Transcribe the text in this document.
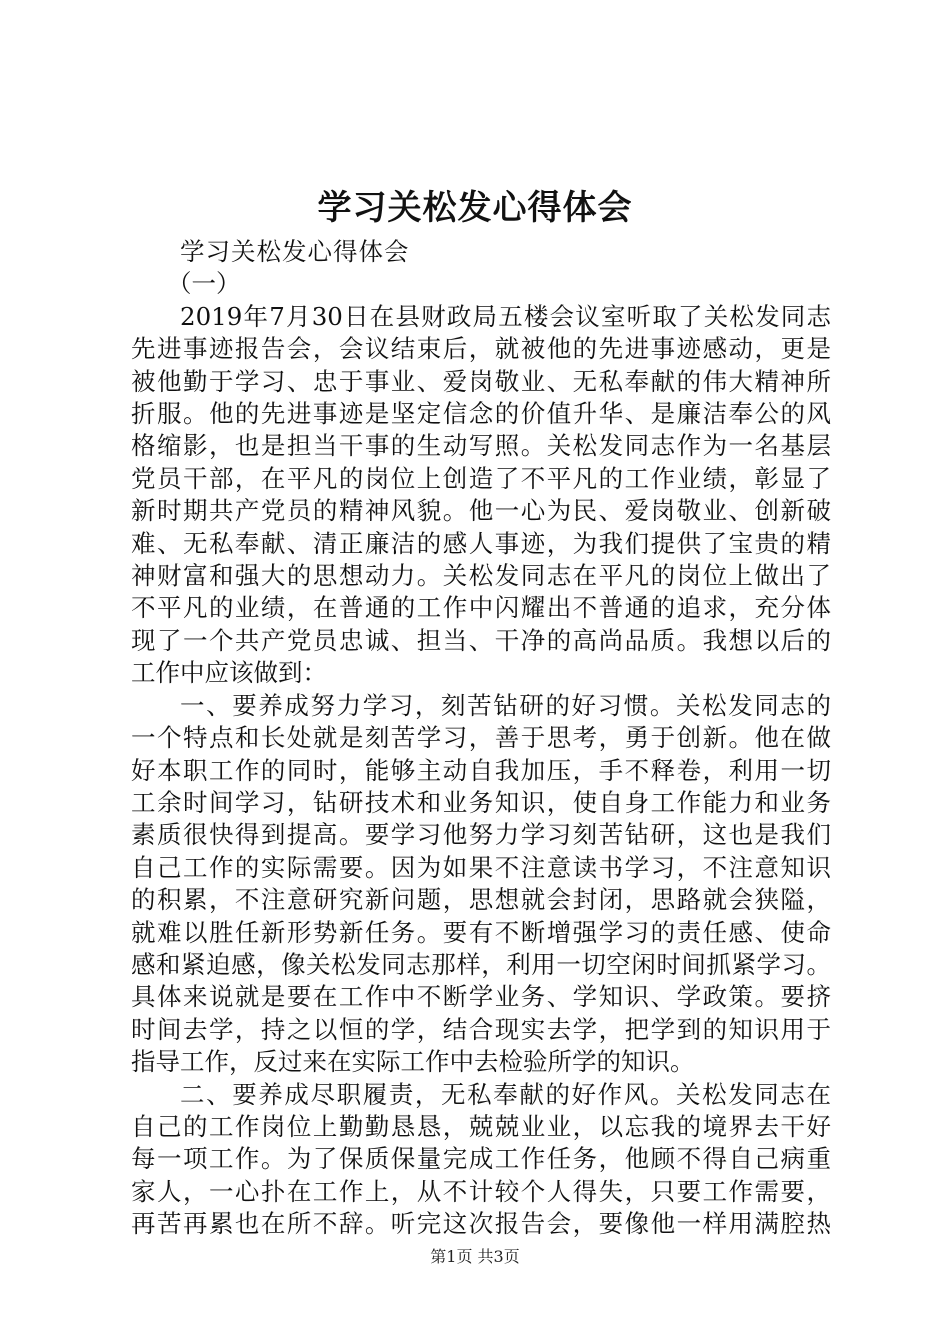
学习关松发心得体会

学习关松发心得体会

（一）

2019年7月30日在县财政局五楼会议室听取了关松发同志
先进事迹报告会，会议结束后，就被他的先进事迹感动，更是
被他勤于学习、忠于事业、爱岗敬业、无私奉献的伟大精神所
折服。他的先进事迹是坚定信念的价值升华、是廉洁奉公的风
格缩影，也是担当干事的生动写照。关松发同志作为一名基层
党员干部，在平凡的岗位上创造了不平凡的工作业绩，彰显了
新时期共产党员的精神风貌。他一心为民、爱岗敬业、创新破
难、无私奉献、清正廉洁的感人事迹，为我们提供了宝贵的精
神财富和强大的思想动力。关松发同志在平凡的岗位上做出了
不平凡的业绩，在普通的工作中闪耀出不普通的追求，充分体
现了一个共产党员忠诚、担当、干净的高尚品质。我想以后的
工作中应该做到：

一、要养成努力学习，刻苦钻研的好习惯。关松发同志的
一个特点和长处就是刻苦学习，善于思考，勇于创新。他在做
好本职工作的同时，能够主动自我加压，手不释卷，利用一切
工余时间学习，钻研技术和业务知识，使自身工作能力和业务
素质很快得到提高。要学习他努力学习刻苦钻研，这也是我们
自己工作的实际需要。因为如果不注意读书学习，不注意知识
的积累，不注意研究新问题，思想就会封闭，思路就会狭隘，
就难以胜任新形势新任务。要有不断增强学习的责任感、使命
感和紧迫感，像关松发同志那样，利用一切空闲时间抓紧学习。
具体来说就是要在工作中不断学业务、学知识、学政策。要挤
时间去学，持之以恒的学，结合现实去学，把学到的知识用于
指导工作，反过来在实际工作中去检验所学的知识。

二、要养成尽职履责，无私奉献的好作风。关松发同志在
自己的工作岗位上勤勤恳恳，兢兢业业，以忘我的境界去干好
每一项工作。为了保质保量完成工作任务，他顾不得自己病重
家人，一心扑在工作上，从不计较个人得失，只要工作需要，
再苦再累也在所不辞。听完这次报告会，要像他一样用满腔热

第1页 共3页
